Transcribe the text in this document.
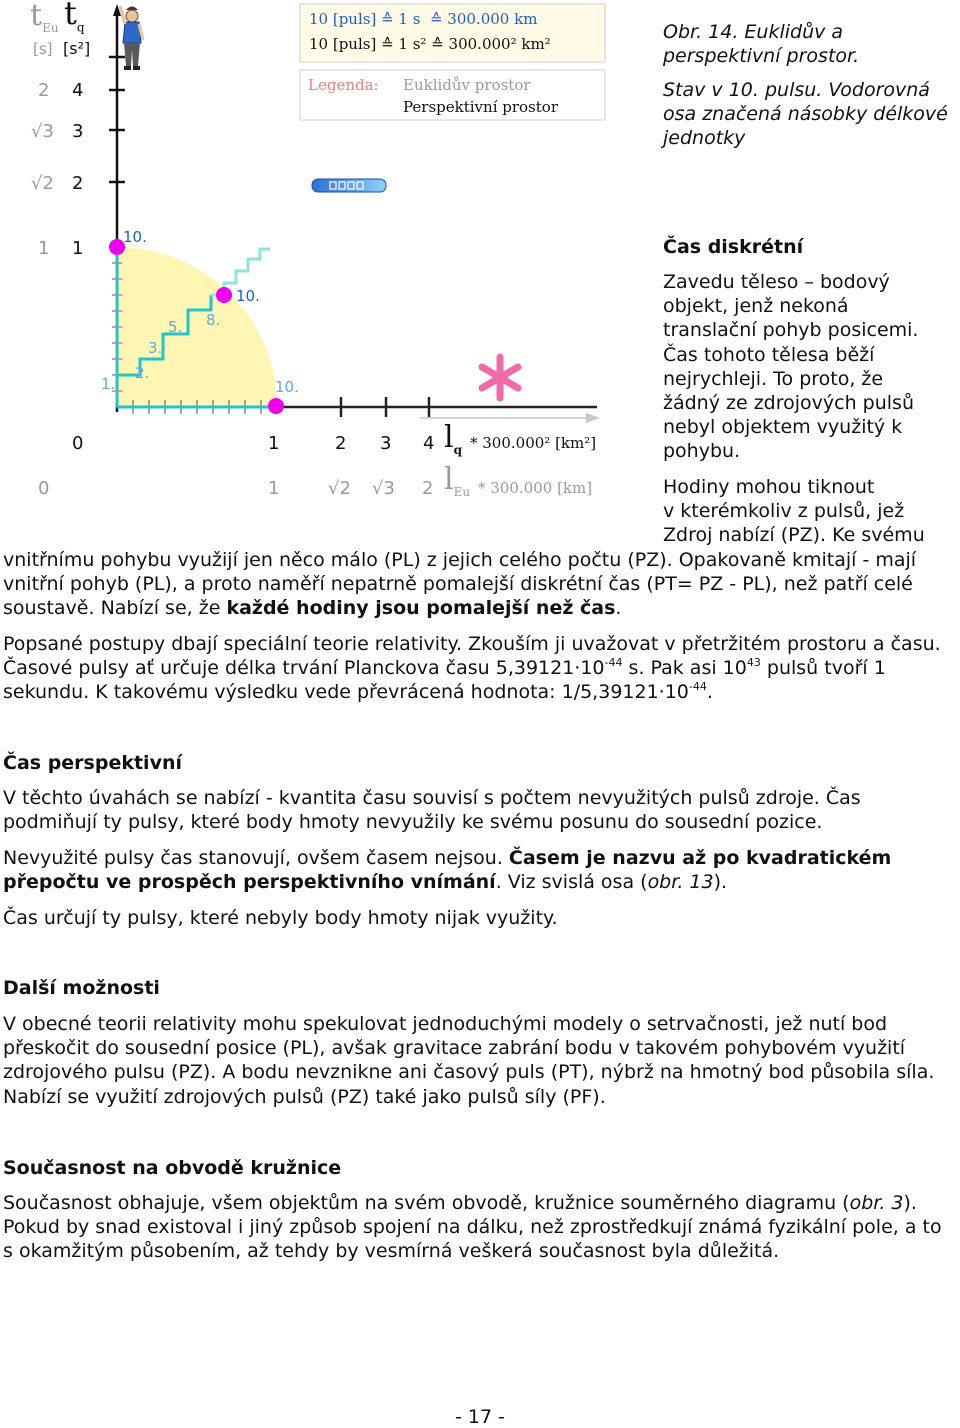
$t_{Eu}$ $t_q$
[s] [s²]
2
√3
√2
1
4
3
2
1
0	1	2 3 4 $l_q * 300.000^2$ [km²]
0	1	√2 √3 2 $l_{Eu} * 300.000$ [km]
10.
10.
10.
5. 8.
3.
2.
1.
10 [puls] ≙ 1 s  ≙ 300.000 km
10 [puls] ≙ 1 s² ≙ 300.000² km²
Legenda: Euklidův prostor
Perspektivní prostor

Obr. 14. Euklidův a perspektivní prostor.

Stav v 10. pulsu. Vodorovná osa značená násobky délkové jednotky

Čas diskrétní
Zavedu těleso – bodový objekt, jenž nekoná translační pohyb posicemi. Čas tohoto tělesa běží nejrychleji. To proto, že žádný ze zdrojových pulsů nebyl objektem využitý k pohybu.
Hodiny mohou tiknout
v kterémkoliv z pulsů, jež
Zdroj nabízí (PZ). Ke svému

vnitřnímu pohybu využijí jen něco málo (PL) z jejich celého počtu (PZ). Opakovaně kmitají - mají vnitřní pohyb (PL), a proto naměří nepatrně pomalejší diskrétní čas (PT= PZ - PL), než patří celé soustavě. Nabízí se, že každé hodiny jsou pomalejší než čas.

Popsané postupy dbají speciální teorie relativity. Zkouším ji uvažovat v přetržitém prostoru a času. Časové pulsy ať určuje délka trvání Planckova času $5,39121\cdot 10^{-44}$ s. Pak asi $10^{43}$ pulsů tvoří 1 sekundu. K takovému výsledku vede převrácená hodnota: $1/5,39121\cdot 10^{-44}$.

Čas perspektivní
V těchto úvahách se nabízí - kvantita času souvisí s počtem nevyužitých pulsů zdroje. Čas podmiňují ty pulsy, které body hmoty nevyužily ke svému posunu do sousední pozice.

Nevyužité pulsy čas stanovují, ovšem časem nejsou. Časem je nazvu až po kvadratickém přepočtu ve prospěch perspektivního vnímání. Viz svislá osa (obr. 13).

Čas určují ty pulsy, které nebyly body hmoty nijak využity.
Další možnosti
V obecné teorii relativity mohu spekulovat jednoduchými modely o setrvačnosti, jež nutí bod přeskočit do sousední posice (PL), avšak gravitace zabrání bodu v takovém pohybovém využití zdrojového pulsu (PZ). A bodu nevznikne ani časový puls (PT), nýbrž na hmotný bod působila síla. Nabízí se využití zdrojových pulsů (PZ) také jako pulsů síly (PF).
Současnost na obvodě kružnice

Současnost obhajuje, všem objektům na svém obvodě, kružnice souměrného diagramu (obr. 3). Pokud by snad existoval i jiný způsob spojení na dálku, než zprostředkují známá fyzikální pole, a to s okamžitým působením, až tehdy by vesmírná veškerá současnost byla důležitá.

- 17 -
